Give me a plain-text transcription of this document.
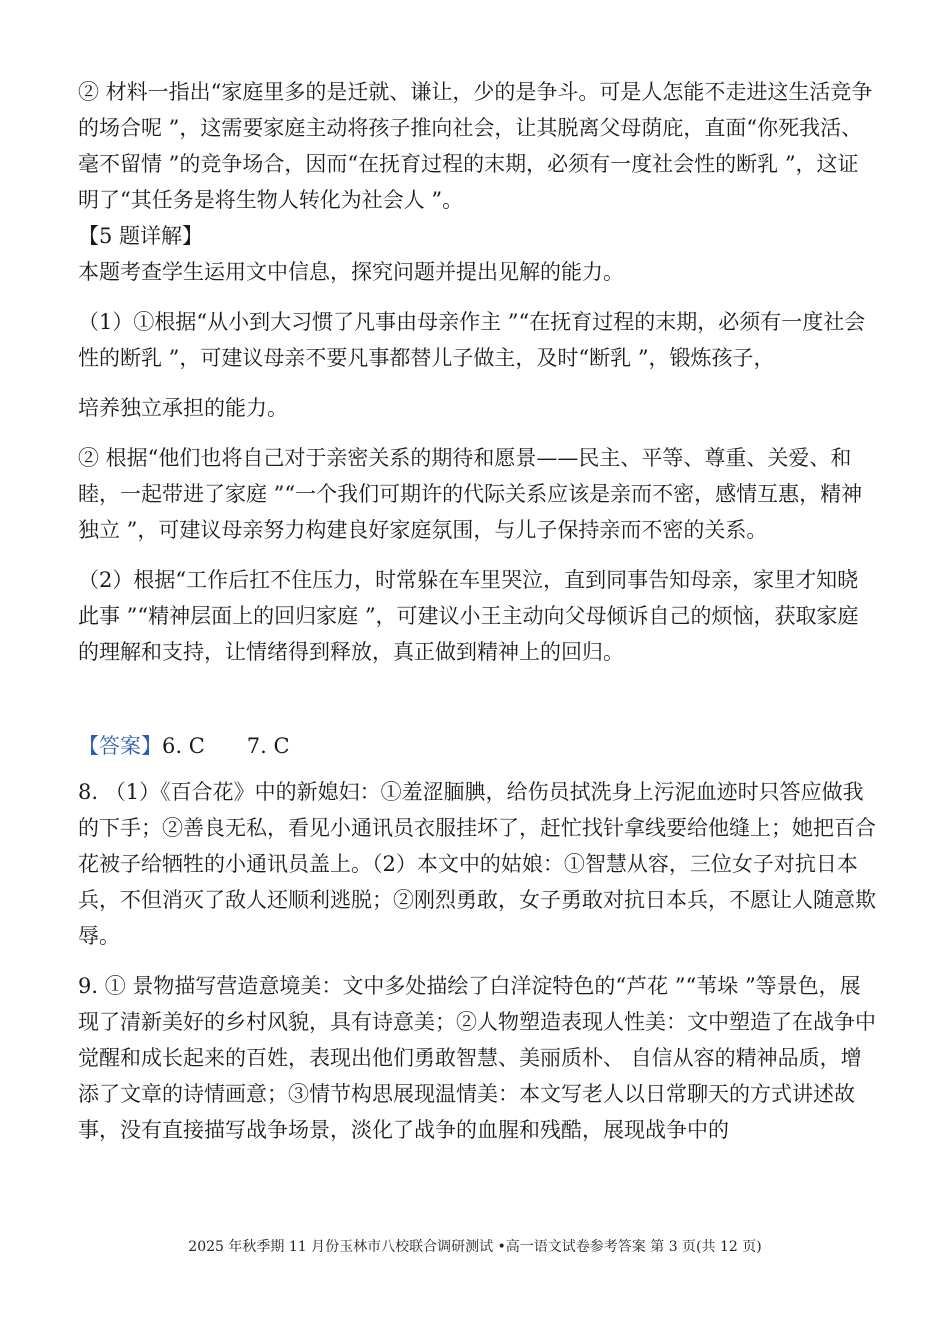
② 材料一指出“家庭里多的是迁就、谦让，少的是争斗。可是人怎能不走进这生活竞争的场合呢 ”，这需要家庭主动将孩子推向社会，让其脱离父母荫庇，直面“你死我活、毫不留情 ”的竞争场合，因而“在抚育过程的末期，必须有一度社会性的断乳 ”，这证明了“其任务是将生物人转化为社会人 ”。

【5 题详解】

本题考查学生运用文中信息，探究问题并提出见解的能力。

（1）①根据“从小到大习惯了凡事由母亲作主 ”“在抚育过程的末期，必须有一度社会性的断乳 ”，可建议母亲不要凡事都替儿子做主，及时“断乳 ”，锻炼孩子，

培养独立承担的能力。

② 根据“他们也将自己对于亲密关系的期待和愿景——民主、平等、尊重、关爱、和睦，一起带进了家庭 ”“一个我们可期许的代际关系应该是亲而不密，感情互惠，精神独立 ”，可建议母亲努力构建良好家庭氛围，与儿子保持亲而不密的关系。

（2）根据“工作后扛不住压力，时常躲在车里哭泣，直到同事告知母亲，家里才知晓此事 ”“精神层面上的回归家庭 ”，可建议小王主动向父母倾诉自己的烦恼，获取家庭的理解和支持，让情绪得到释放，真正做到精神上的回归。

【答案】6. C　　7. C

8. （1）《百合花》中的新媳妇：①羞涩腼腆，给伤员拭洗身上污泥血迹时只答应做我的下手；②善良无私，看见小通讯员衣服挂坏了，赶忙找针拿线要给他缝上；她把百合花被子给牺牲的小通讯员盖上。（2）本文中的姑娘：①智慧从容，三位女子对抗日本兵，不但消灭了敌人还顺利逃脱；②刚烈勇敢，女子勇敢对抗日本兵，不愿让人随意欺辱。

9. ① 景物描写营造意境美：文中多处描绘了白洋淀特色的“芦花 ”“苇垛 ”等景色，展现了清新美好的乡村风貌，具有诗意美；②人物塑造表现人性美：文中塑造了在战争中觉醒和成长起来的百姓，表现出他们勇敢智慧、美丽质朴、 自信从容的精神品质，增添了文章的诗情画意；③情节构思展现温情美：本文写老人以日常聊天的方式讲述故事，没有直接描写战争场景，淡化了战争的血腥和残酷，展现战争中的

2025 年秋季期 11 月份玉林市八校联合调研测试 •高一语文试卷参考答案 第 3 页(共 12 页)
